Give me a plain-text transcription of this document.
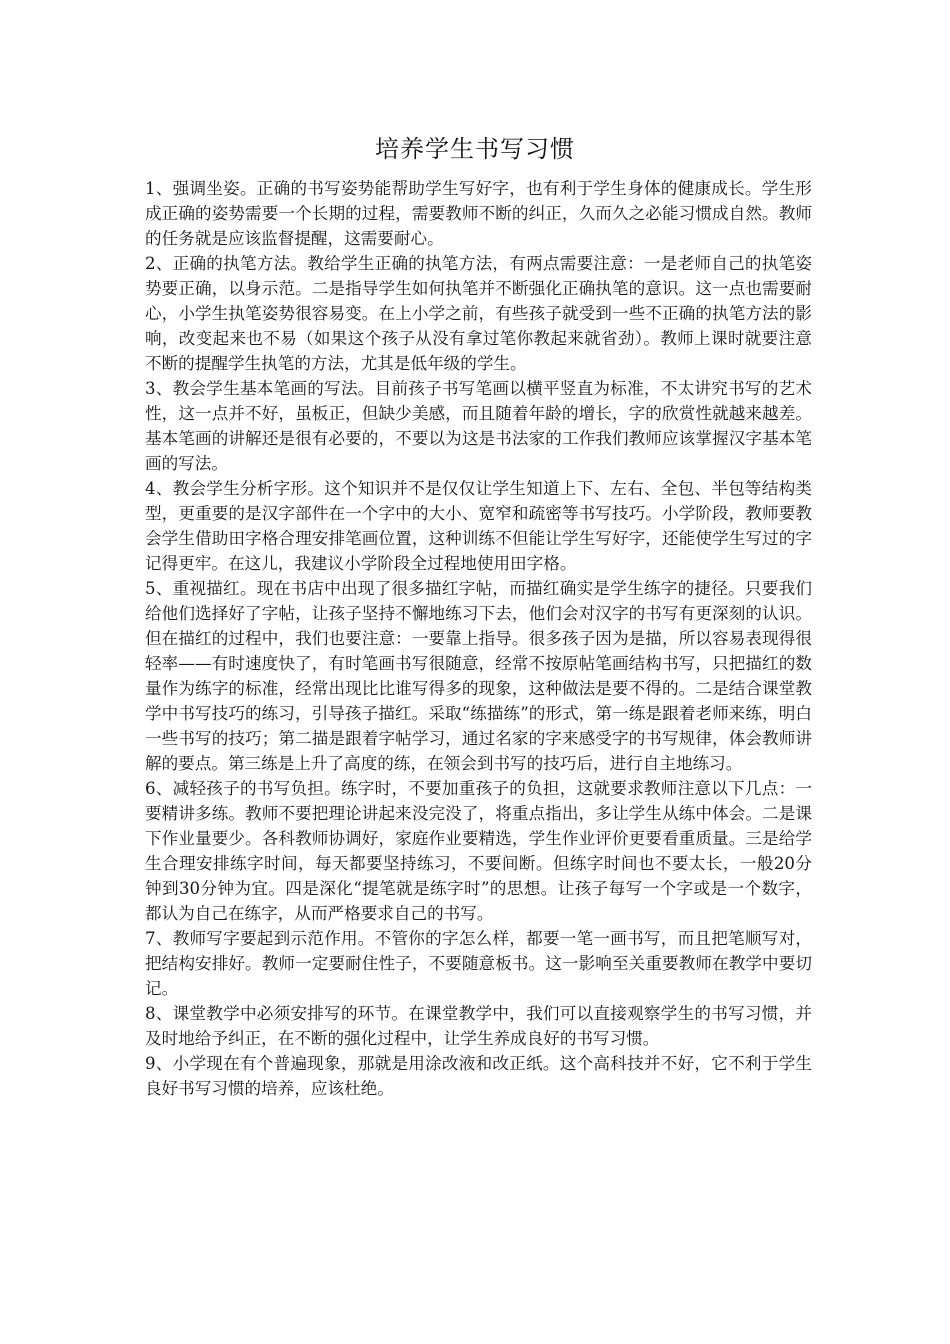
培养学生书写习惯

1、强调坐姿。正确的书写姿势能帮助学生写好字，也有利于学生身体的健康成长。学生形成正确的姿势需要一个长期的过程，需要教师不断的纠正，久而久之必能习惯成自然。教师的任务就是应该监督提醒，这需要耐心。

2、正确的执笔方法。教给学生正确的执笔方法，有两点需要注意：一是老师自己的执笔姿势要正确，以身示范。二是指导学生如何执笔并不断强化正确执笔的意识。这一点也需要耐心，小学生执笔姿势很容易变。在上小学之前，有些孩子就受到一些不正确的执笔方法的影响，改变起来也不易（如果这个孩子从没有拿过笔你教起来就省劲）。教师上课时就要注意不断的提醒学生执笔的方法，尤其是低年级的学生。

3、教会学生基本笔画的写法。目前孩子书写笔画以横平竖直为标准，不太讲究书写的艺术性，这一点并不好，虽板正，但缺少美感，而且随着年龄的增长，字的欣赏性就越来越差。基本笔画的讲解还是很有必要的，不要以为这是书法家的工作我们教师应该掌握汉字基本笔画的写法。

4、教会学生分析字形。这个知识并不是仅仅让学生知道上下、左右、全包、半包等结构类型，更重要的是汉字部件在一个字中的大小、宽窄和疏密等书写技巧。小学阶段，教师要教会学生借助田字格合理安排笔画位置，这种训练不但能让学生写好字，还能使学生写过的字记得更牢。在这儿，我建议小学阶段全过程地使用田字格。

5、重视描红。现在书店中出现了很多描红字帖，而描红确实是学生练字的捷径。只要我们给他们选择好了字帖，让孩子坚持不懈地练习下去，他们会对汉字的书写有更深刻的认识。但在描红的过程中，我们也要注意：一要靠上指导。很多孩子因为是描，所以容易表现得很轻率——有时速度快了，有时笔画书写很随意，经常不按原帖笔画结构书写，只把描红的数量作为练字的标准，经常出现比比谁写得多的现象，这种做法是要不得的。二是结合课堂教学中书写技巧的练习，引导孩子描红。采取“练描练”的形式，第一练是跟着老师来练，明白一些书写的技巧；第二描是跟着字帖学习，通过名家的字来感受字的书写规律，体会教师讲解的要点。第三练是上升了高度的练，在领会到书写的技巧后，进行自主地练习。

6、减轻孩子的书写负担。练字时，不要加重孩子的负担，这就要求教师注意以下几点：一要精讲多练。教师不要把理论讲起来没完没了，将重点指出，多让学生从练中体会。二是课下作业量要少。各科教师协调好，家庭作业要精选，学生作业评价更要看重质量。三是给学生合理安排练字时间，每天都要坚持练习，不要间断。但练字时间也不要太长，一般20分钟到30分钟为宜。四是深化“提笔就是练字时”的思想。让孩子每写一个字或是一个数字，都认为自己在练字，从而严格要求自己的书写。

7、教师写字要起到示范作用。不管你的字怎么样，都要一笔一画书写，而且把笔顺写对，把结构安排好。教师一定要耐住性子，不要随意板书。这一影响至关重要教师在教学中要切记。

8、课堂教学中必须安排写的环节。在课堂教学中，我们可以直接观察学生的书写习惯，并及时地给予纠正，在不断的强化过程中，让学生养成良好的书写习惯。

9、小学现在有个普遍现象，那就是用涂改液和改正纸。这个高科技并不好，它不利于学生良好书写习惯的培养，应该杜绝。
